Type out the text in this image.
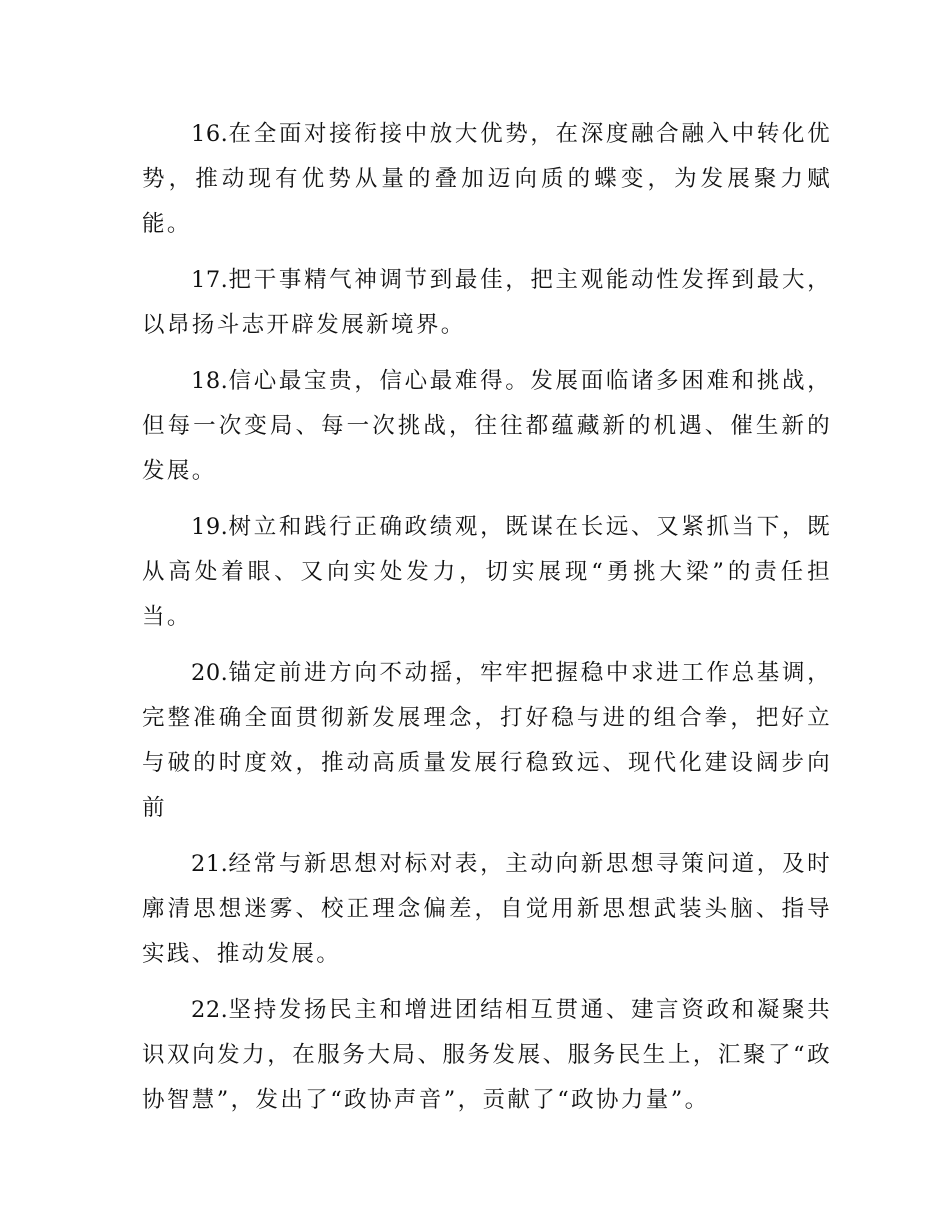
16.在全面对接衔接中放大优势，在深度融合融入中转化优势，推动现有优势从量的叠加迈向质的蝶变，为发展聚力赋能。

17.把干事精气神调节到最佳，把主观能动性发挥到最大，以昂扬斗志开辟发展新境界。

18.信心最宝贵，信心最难得。发展面临诸多困难和挑战，但每一次变局、每一次挑战，往往都蕴藏新的机遇、催生新的发展。

19.树立和践行正确政绩观，既谋在长远、又紧抓当下，既从高处着眼、又向实处发力，切实展现“勇挑大梁”的责任担当。

20.锚定前进方向不动摇，牢牢把握稳中求进工作总基调，完整准确全面贯彻新发展理念，打好稳与进的组合拳，把好立与破的时度效，推动高质量发展行稳致远、现代化建设阔步向前

21.经常与新思想对标对表，主动向新思想寻策问道，及时廓清思想迷雾、校正理念偏差，自觉用新思想武装头脑、指导实践、推动发展。

22.坚持发扬民主和增进团结相互贯通、建言资政和凝聚共识双向发力，在服务大局、服务发展、服务民生上，汇聚了“政协智慧”，发出了“政协声音”，贡献了“政协力量”。
